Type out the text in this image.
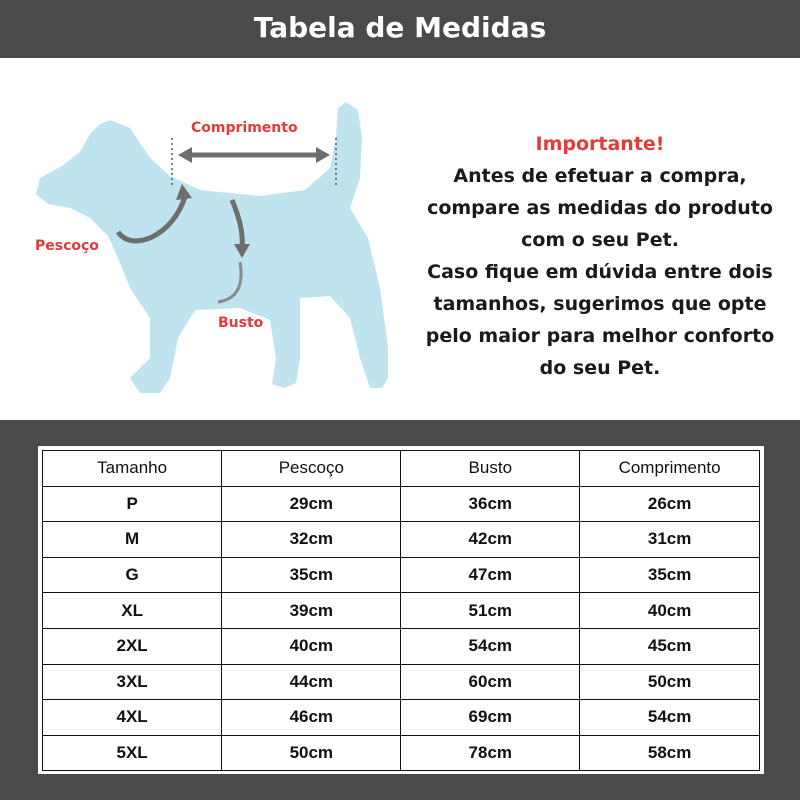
Tabela de Medidas
Comprimento
Pescoço
Busto
Importante!
Antes de efetuar a compra,
compare as medidas do produto
com o seu Pet.
Caso fique em dúvida entre dois
tamanhos, sugerimos que opte
pelo maior para melhor conforto
do seu Pet.
Tamanho	Pescoço	Busto	Comprimento
P	29cm	36cm	26cm
M	32cm	42cm	31cm
G	35cm	47cm	35cm
XL	39cm	51cm	40cm
2XL	40cm	54cm	45cm
3XL	44cm	60cm	50cm
4XL	46cm	69cm	54cm
5XL	50cm	78cm	58cm
